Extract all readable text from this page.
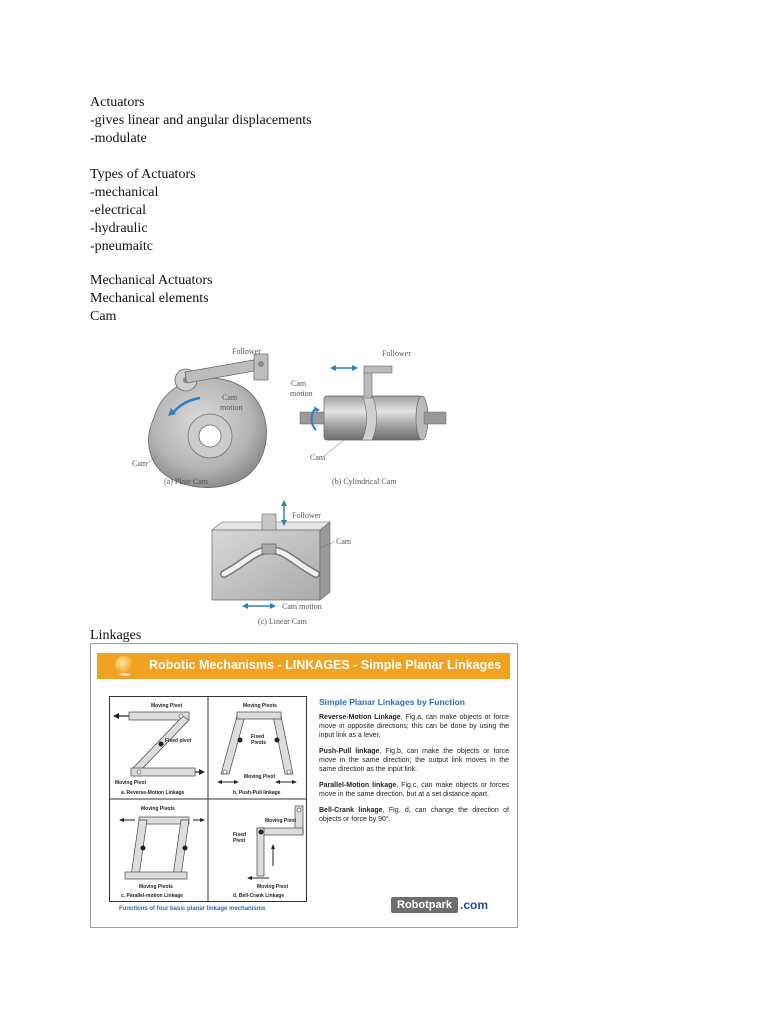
Actuators
-gives linear and angular displacements
-modulate
Types of Actuators
-mechanical
-electrical
-hydraulic
-pneumaitc
Mechanical Actuators
Mechanical elements
Cam
Follower
Cam
motion
Cam
(a) Plate Cam
Follower
Cam
motion
Cam
(b) Cylindrical Cam
Follower
Cam
Cam motion
(c) Linear Cam
Linkages
Robotic Mechanisms - LINKAGES - Simple Planar Linkages
Moving Pivot
Fixed pivot
Moving Pivot
a. Reverse-Motion Linkage
Moving Pivots
Fixed
Pivots
Moving Pivot
b. Push-Pull linkage
Moving Pivots
Moving Pivots
c. Parallel-motion Linkage
Moving Pivot
Fixed
Pivot
Moving Pivot
d. Bell-Crank Linkage
Functions of four basic planar linkage mechanisms
Simple Planar Linkages by Function
Reverse-Motion Linkage, Fig.a, can make objects or force move in opposite directions; this can be done by using the input link as a lever.
Push-Pull linkage, Fig.b, can make the objects or force move in the same direction; the output link moves in the same direction as the input link.
Parallel-Motion linkage, Fig.c, can make objects or forces move in the same direction, but at a set distance apart.
Bell-Crank linkage, Fig. d, can change the direction of objects or force by 90°.
Robotpark .com
